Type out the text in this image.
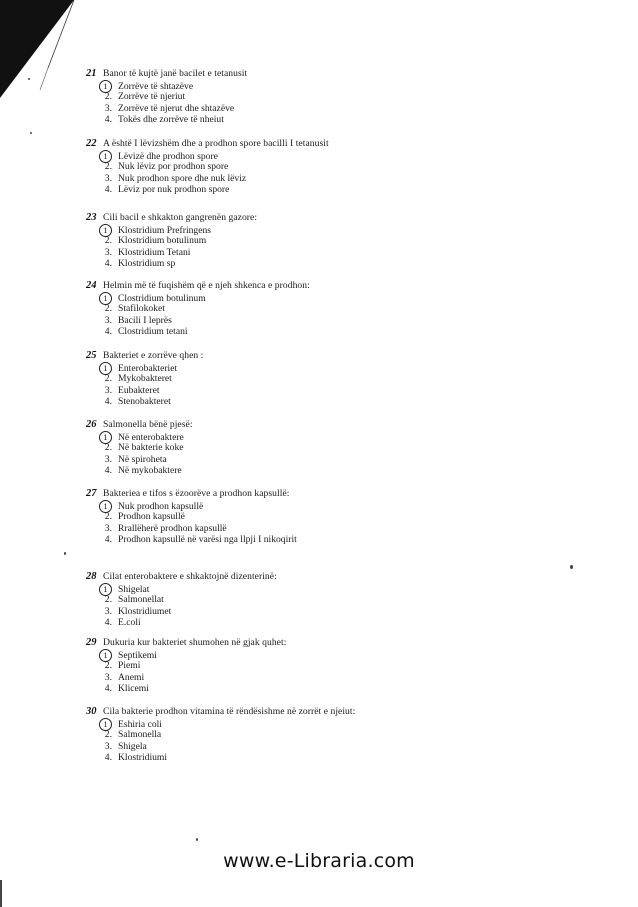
21 Banor të kujtë janë bacilet e tetanusit
1	Zorrëve të shtazëve
2. Zorrëve të njeriut
3. Zorrëve të njerut dhe shtazëve
4. Tokës dhe zorrëve të nheiut
22 A është I lëvizshëm dhe a prodhon spore bacilli I tetanusit
1	Lëvizë dhe prodhon spore
2. Nuk lëviz por prodhon spore
3. Nuk prodhon spore dhe nuk lëviz
4. Lëviz por nuk prodhon spore
23 Cili bacil e shkakton gangrenën gazore:
1	Klostridium Prefringens
2. Klostridium botulinum
3. Klostridium Tetani
4. Klostridium sp
24 Helmin më të fuqishëm që e njeh shkenca e prodhon:
1	Clostridium botulinum
2. Stafilokoket
3. Bacili I leprës
4. Clostridium tetani
25 Bakteriet e zorrëve qhen :
1	Enterobakteriet
2. Mykobakteret
3. Eubakteret
4. Stenobakteret
26 Salmonella bënë pjesë:
1	Në enterobaktere
2. Në bakterie koke
3. Në spiroheta
4. Në mykobaktere
27 Bakteriea e tifos s ëzoorëve a prodhon kapsullë:
1	Nuk prodhon kapsullë
2. Prodhon kapsullë
3. Rrallëherë prodhon kapsullë
4. Prodhon kapsullë në varësi nga llpji I nikoqirit
28 Cilat enterobaktere e shkaktojnë dizenterinë:
1	Shigelat
2. Salmonellat
3. Klostridiumet
4. E.coli
29 Dukuria kur bakteriet shumohen në gjak quhet:
1	Septikemi
2. Piemi
3. Anemi
4. Klicemi
30 Cila bakterie prodhon vitamina të rëndësishme në zorrët e njeiut:
1	Eshiria coli
2. Salmonella
3. Shigela
4. Klostridiumi
www.e-Libraria.com
